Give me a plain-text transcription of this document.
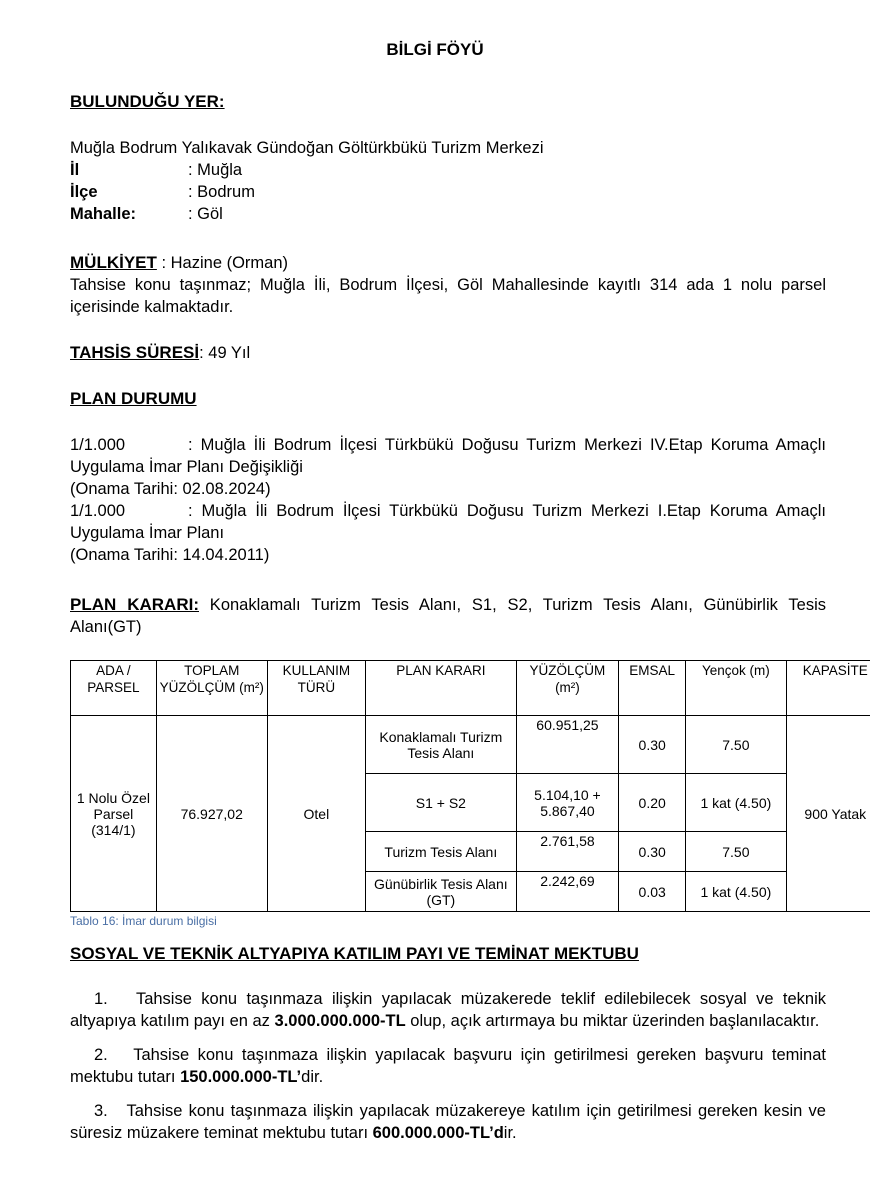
BİLGİ FÖYÜ
BULUNDUĞU YER:
Muğla Bodrum Yalıkavak Gündoğan Göltürkbükü Turizm Merkezi
İl	: Muğla
İlçe	: Bodrum
Mahalle:	: Göl
MÜLKİYET : Hazine (Orman)

Tahsise konu taşınmaz; Muğla İli, Bodrum İlçesi, Göl Mahallesinde kayıtlı 314 ada 1 nolu parsel içerisinde kalmaktadır.

TAHSİS SÜRESİ: 49 Yıl
PLAN DURUMU
1/1.000	: Muğla İli Bodrum İlçesi Türkbükü Doğusu Turizm Merkezi IV.Etap Koruma Amaçlı Uygulama İmar Planı Değişikliği
(Onama Tarihi: 02.08.2024)
1/1.000	: Muğla İli Bodrum İlçesi Türkbükü Doğusu Turizm Merkezi I.Etap Koruma Amaçlı Uygulama İmar Planı
(Onama Tarihi: 14.04.2011)
PLAN KARARI: Konaklamalı Turizm Tesis Alanı, S1, S2, Turizm Tesis Alanı, Günübirlik Tesis Alanı(GT)
ADA / PARSEL	TOPLAM YÜZÖLÇÜM (m²)	KULLANIM TÜRÜ	PLAN KARARI	YÜZÖLÇÜM (m²)	EMSAL	Yençok (m)	KAPASİTE
1 Nolu Özel Parsel (314/1)	76.927,02	Otel	Konaklamalı Turizm Tesis Alanı	60.951,25	0.30	7.50	900 Yatak
			S1 + S2	5.104,10 + 5.867,40	0.20	1 kat (4.50)	
			Turizm Tesis Alanı	2.761,58	0.30	7.50	
			Günübirlik Tesis Alanı (GT)	2.242,69	0.03	1 kat (4.50)	
Tablo 16: İmar durum bilgisi
SOSYAL VE TEKNİK ALTYAPIYA KATILIM PAYI VE TEMİNAT MEKTUBU
1. Tahsise konu taşınmaza ilişkin yapılacak müzakerede teklif edilebilecek sosyal ve teknik altyapıya katılım payı en az 3.000.000.000-TL olup, açık artırmaya bu miktar üzerinden başlanılacaktır.
2. Tahsise konu taşınmaza ilişkin yapılacak başvuru için getirilmesi gereken başvuru teminat mektubu tutarı 150.000.000-TL’dir.
3. Tahsise konu taşınmaza ilişkin yapılacak müzakereye katılım için getirilmesi gereken kesin ve süresiz müzakere teminat mektubu tutarı 600.000.000-TL’dir.
